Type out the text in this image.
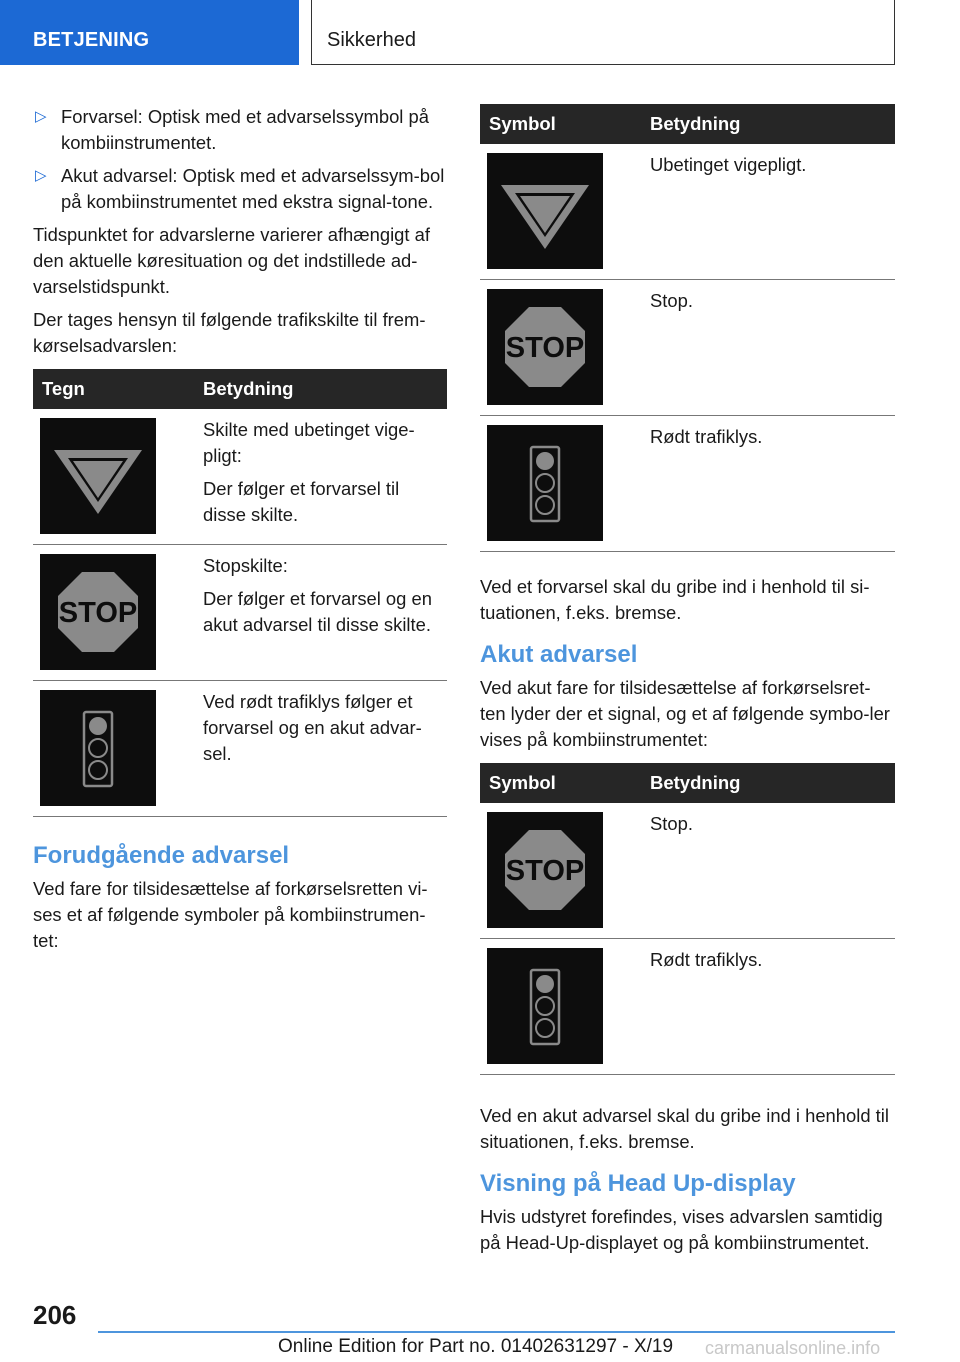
BETJENING	Sikkerhed
▷ Forvarsel: Optisk med et advarselssymbol på kombiinstrumentet.
▷ Akut advarsel: Optisk med et advarselssym-bol på kombiinstrumentet med ekstra signal-tone.

Tidspunktet for advarslerne varierer afhængigt af den aktuelle køresituation og det indstillede ad-varselstidspunkt.

Der tages hensyn til følgende trafikskilte til frem-kørselsadvarslen:

Tegn	Betydning

Skilte med ubetinget vige-pligt:

Der følger et forvarsel til disse skilte.

Stopskilte:

Der følger et forvarsel og en akut advarsel til disse skilte.

Ved rødt trafiklys følger et forvarsel og en akut advar-sel.

Forudgående advarsel

Ved fare for tilsidesættelse af forkørselsretten vi-ses et af følgende symboler på kombiinstrumen-tet:

Symbol	Betydning

Ubetinget vigepligt.

Stop.

Rødt trafiklys.

Ved et forvarsel skal du gribe ind i henhold til si-tuationen, f.eks. bremse.

Akut advarsel

Ved akut fare for tilsidesættelse af forkørselsret-ten lyder der et signal, og et af følgende symbo-ler vises på kombiinstrumentet:

Symbol	Betydning

Stop.

Rødt trafiklys.

Ved en akut advarsel skal du gribe ind i henhold til situationen, f.eks. bremse.

Visning på Head Up-display

Hvis udstyret forefindes, vises advarslen samtidig på Head-Up-displayet og på kombiinstrumentet.

206
Online Edition for Part no. 01402631297 - X/19 carmanualsonline.info
